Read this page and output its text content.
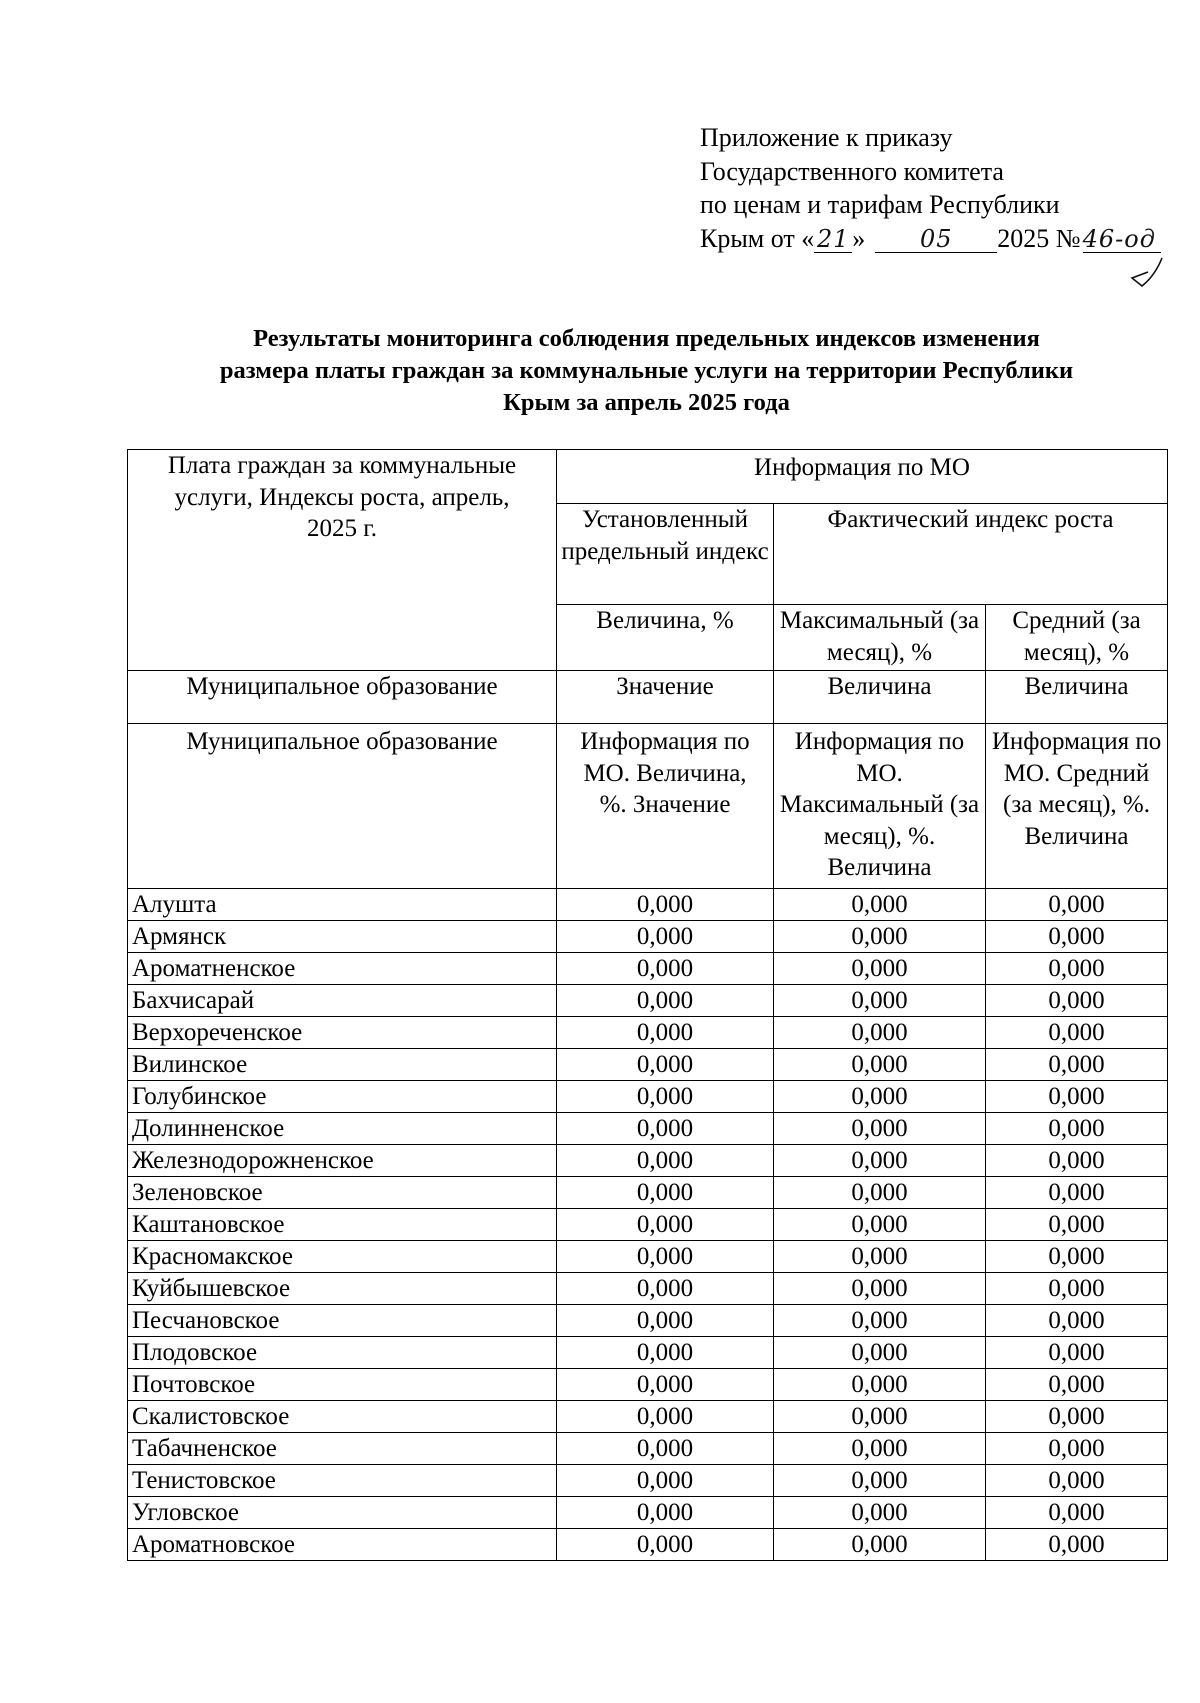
Приложение к приказу
Государственного комитета
по ценам и тарифам Республики
Крым от « 21 » 05 2025 №46-од
Результаты мониторинга соблюдения предельных индексов изменения
размера платы граждан за коммунальные услуги на территории Республики
Крым за апрель 2025 года
Плата граждан за коммунальные услуги, Индексы роста, апрель, 2025 г.	Информация по МО		
	Установленный предельный индекс	Фактический индекс роста	
	Величина, %	Максимальный (за месяц), %	Средний (за месяц), %
Муниципальное образование	Значение	Величина	Величина
Муниципальное образование	Информация по МО. Величина, %. Значение	Информация по МО. Максимальный (за месяц), %. Величина	Информация по МО. Средний (за месяц), %. Величина
Алушта	0,000	0,000	0,000
Армянск	0,000	0,000	0,000
Ароматненское	0,000	0,000	0,000
Бахчисарай	0,000	0,000	0,000
Верхореченское	0,000	0,000	0,000
Вилинское	0,000	0,000	0,000
Голубинское	0,000	0,000	0,000
Долинненское	0,000	0,000	0,000
Железнодорожненское	0,000	0,000	0,000
Зеленовское	0,000	0,000	0,000
Каштановское	0,000	0,000	0,000
Красномакское	0,000	0,000	0,000
Куйбышевское	0,000	0,000	0,000
Песчановское	0,000	0,000	0,000
Плодовское	0,000	0,000	0,000
Почтовское	0,000	0,000	0,000
Скалистовское	0,000	0,000	0,000
Табачненское	0,000	0,000	0,000
Тенистовское	0,000	0,000	0,000
Угловское	0,000	0,000	0,000
Ароматновское	0,000	0,000	0,000
